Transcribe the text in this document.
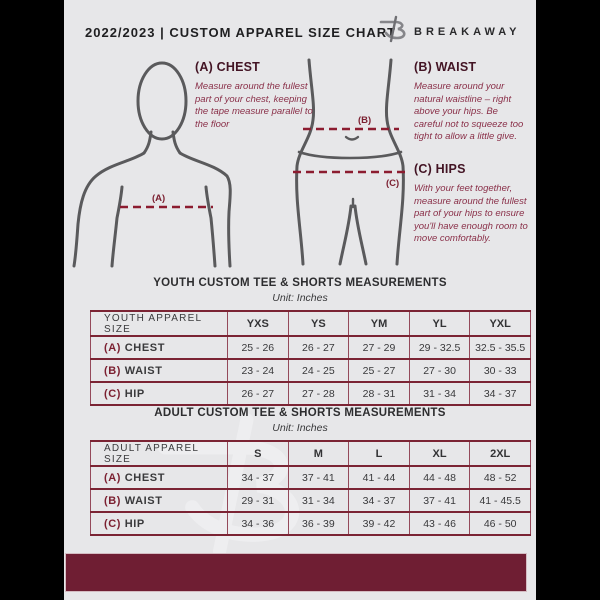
2022/2023 | CUSTOM APPAREL SIZE CHART BREAKAWAY
(A) CHEST

Measure around the fullest part of your chest, keeping the tape measure parallel to the floor

(B) WAIST

Measure around your natural waistline – right above your hips. Be careful not to squeeze too tight to allow a little give.

(C) HIPS

With your feet together, measure around the fullest part of your hips to ensure you'll have enough room to move comfortably.

(A)
(B)
(C)
YOUTH CUSTOM TEE & SHORTS MEASUREMENTS
Unit: Inches
YOUTH APPAREL SIZE	YXS	YS	YM	YL	YXL
(A) CHEST	25 - 26	26 - 27	27 - 29	29 - 32.5	32.5 - 35.5
(B) WAIST	23 - 24	24 - 25	25 - 27	27 - 30	30 - 33
(C) HIP	26 - 27	27 - 28	28 - 31	31 - 34	34 - 37
ADULT CUSTOM TEE & SHORTS MEASUREMENTS
Unit: Inches
ADULT APPAREL SIZE	S	M	L	XL	2XL
(A) CHEST	34 - 37	37 - 41	41 - 44	44 - 48	48 - 52
(B) WAIST	29 - 31	31 - 34	34 - 37	37 - 41	41 - 45.5
(C) HIP	34 - 36	36 - 39	39 - 42	43 - 46	46 - 50
